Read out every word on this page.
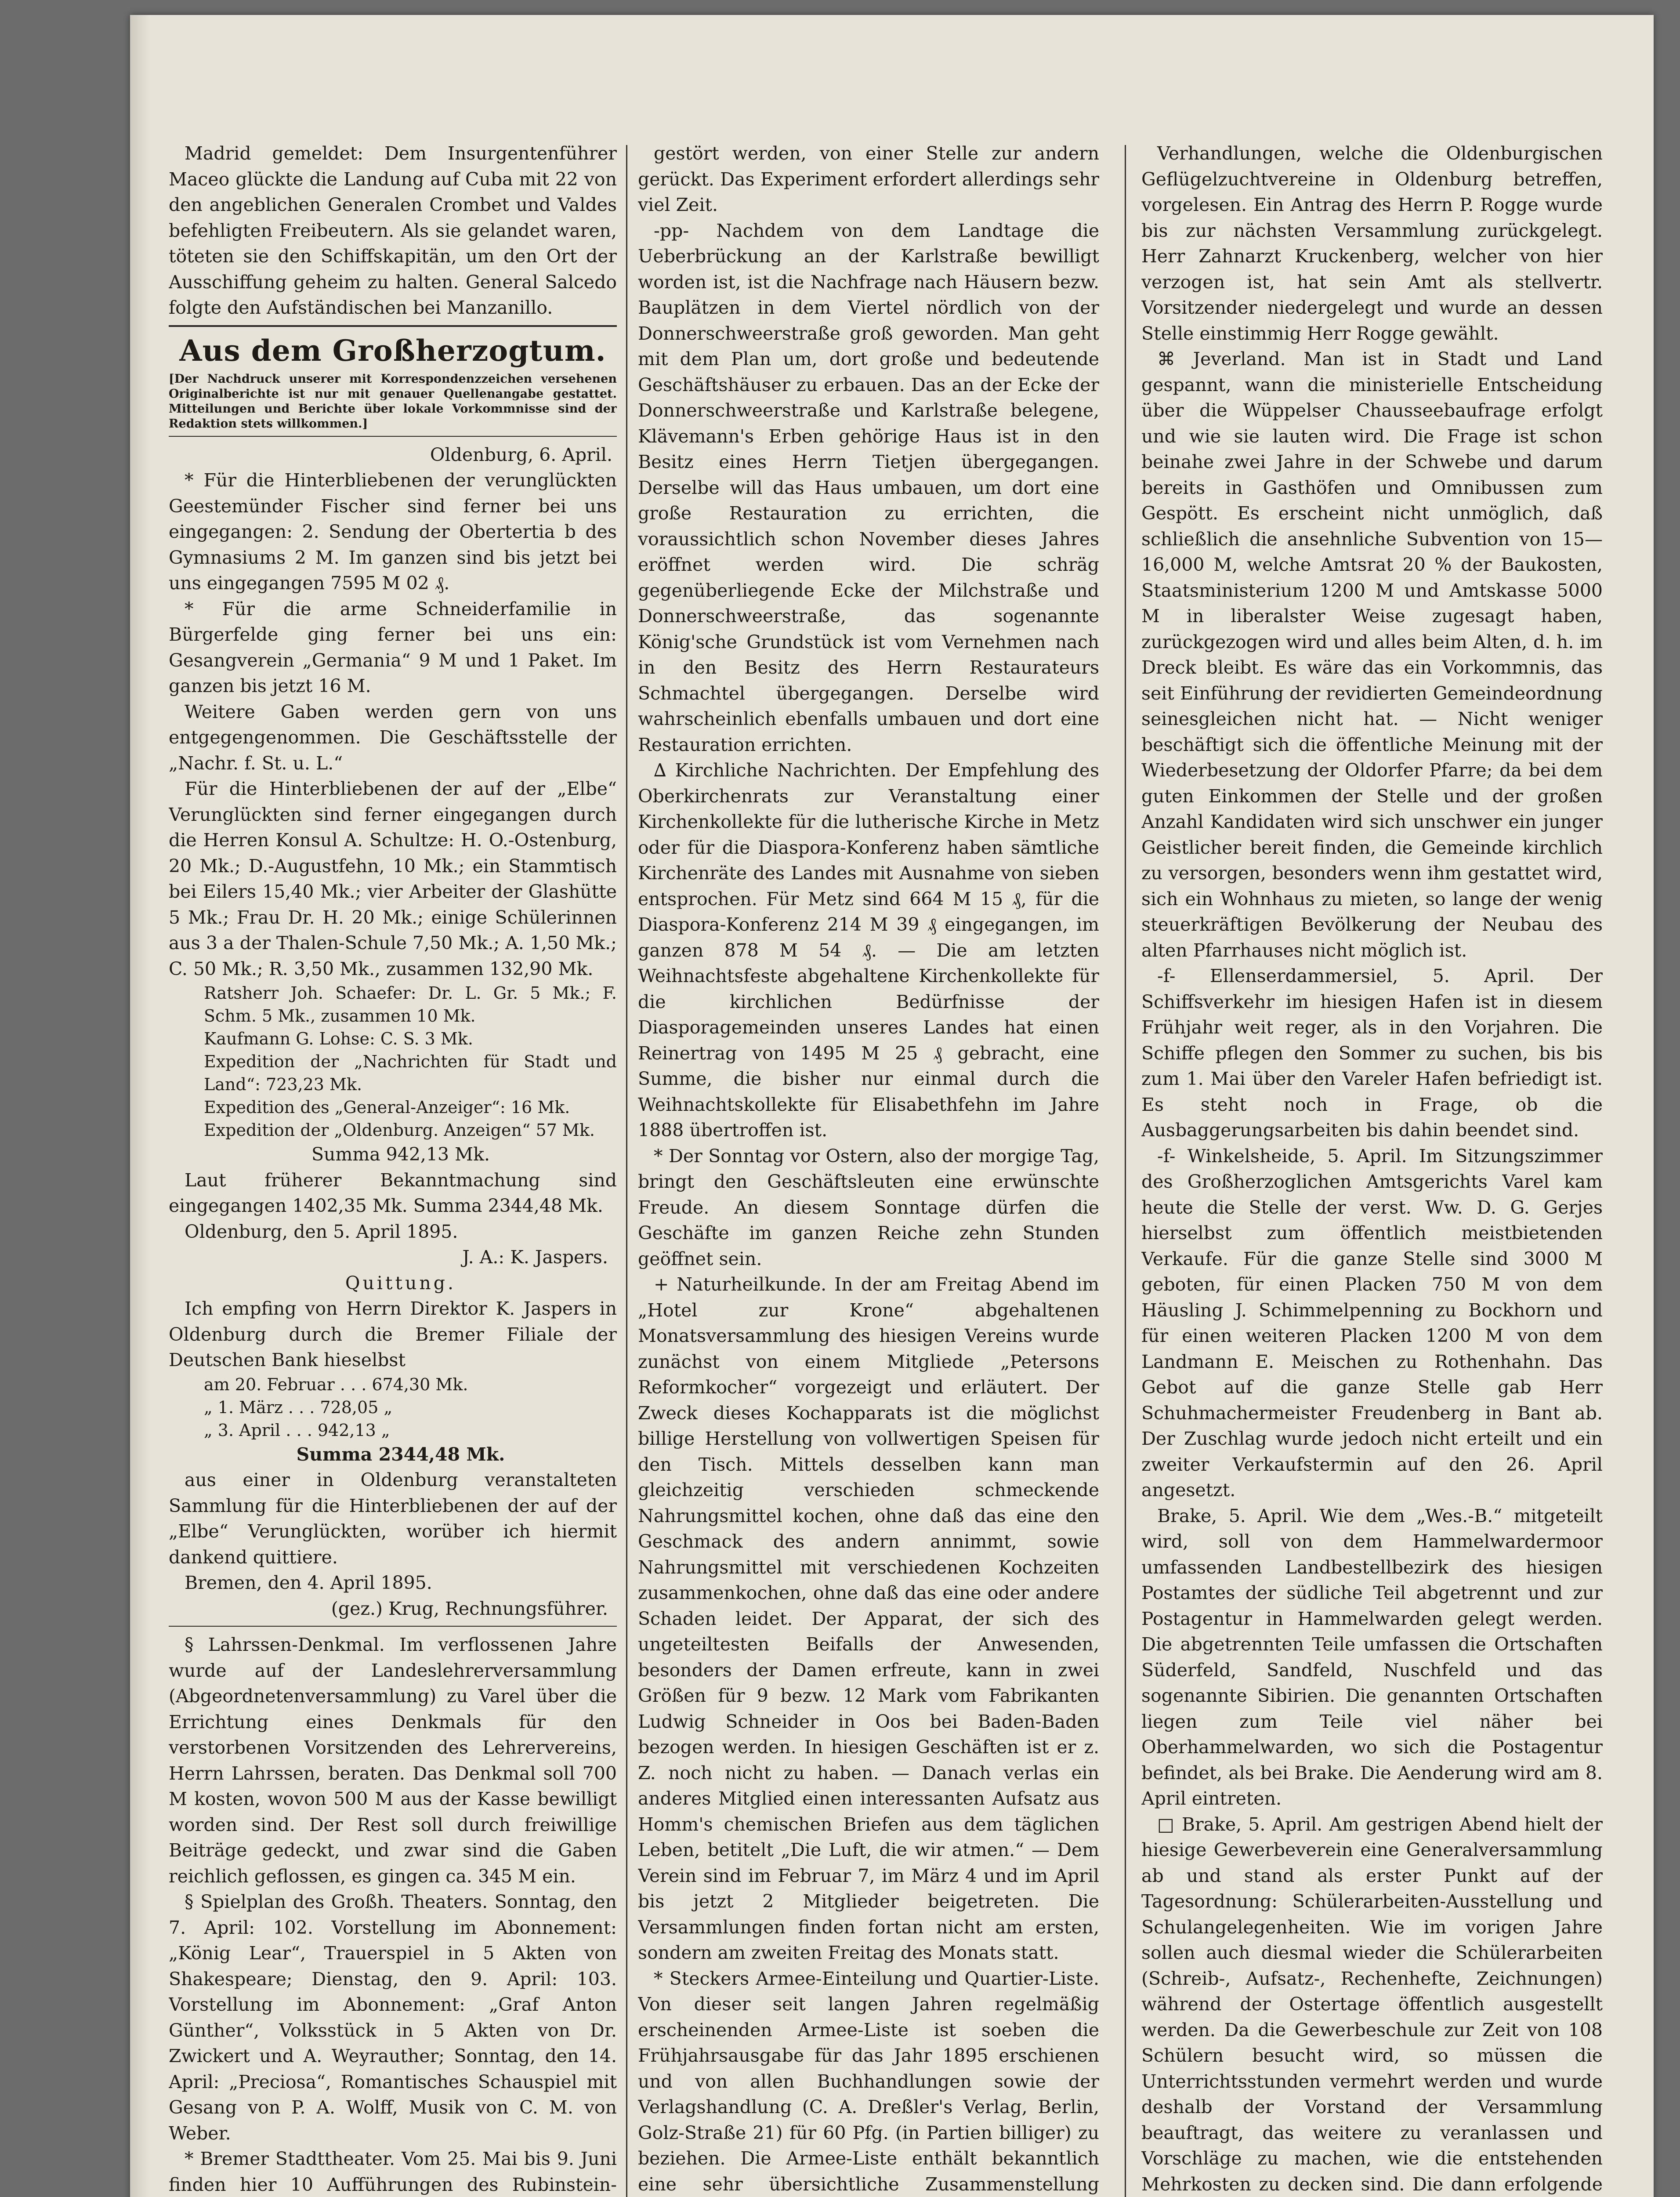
Madrid gemeldet: Dem Insurgentenführer Maceo glückte die Landung auf Cuba mit 22 von den angeblichen Generalen Crombet und Valdes befehligten Freibeutern. Als sie gelandet waren, töteten sie den Schiffskapitän, um den Ort der Ausschiffung geheim zu halten. General Salcedo folgte den Aufständischen bei Manzanillo.

Aus dem Großherzogtum.
[Der Nachdruck unserer mit Korrespondenzzeichen versehenen Originalberichte ist nur mit genauer Quellenangabe gestattet. Mitteilungen und Berichte über lokale Vorkommnisse sind der Redaktion stets willkommen.]

Oldenburg, 6. April.

* Für die Hinterbliebenen der verunglückten Geestemünder Fischer sind ferner bei uns eingegangen: 2. Sendung der Obertertia b des Gymnasiums 2 M. Im ganzen sind bis jetzt bei uns eingegangen 7595 M 02 ₰.

* Für die arme Schneiderfamilie in Bürgerfelde ging ferner bei uns ein: Gesangverein „Germania“ 9 M und 1 Paket. Im ganzen bis jetzt 16 M.

Weitere Gaben werden gern von uns entgegengenommen. Die Geschäftsstelle der „Nachr. f. St. u. L.“

Für die Hinterbliebenen der auf der „Elbe“ Verunglückten sind ferner eingegangen durch die Herren Konsul A. Schultze: H. O.-Ostenburg, 20 Mk.; D.-Augustfehn, 10 Mk.; ein Stammtisch bei Eilers 15,40 Mk.; vier Arbeiter der Glashütte 5 Mk.; Frau Dr. H. 20 Mk.; einige Schülerinnen aus 3 a der Thalen-Schule 7,50 Mk.; A. 1,50 Mk.; C. 50 Mk.; R. 3,50 Mk., zusammen 132,90 Mk.

Ratsherr Joh. Schaefer: Dr. L. Gr. 5 Mk.; F. Schm. 5 Mk., zusammen 10 Mk.

Kaufmann G. Lohse: C. S. 3 Mk.

Expedition der „Nachrichten für Stadt und Land“: 723,23 Mk.

Expedition des „General-Anzeiger“: 16 Mk.

Expedition der „Oldenburg. Anzeigen“ 57 Mk.

Summa 942,13 Mk.

Laut früherer Bekanntmachung sind eingegangen 1402,35 Mk. Summa 2344,48 Mk.

Oldenburg, den 5. April 1895.

J. A.: K. Jaspers.

Quittung.

Ich empfing von Herrn Direktor K. Jaspers in Oldenburg durch die Bremer Filiale der Deutschen Bank hieselbst

am 20. Februar . . . 674,30 Mk.

„ 1. März . . . 728,05 „

„ 3. April . . . 942,13 „

Summa 2344,48 Mk.

aus einer in Oldenburg veranstalteten Sammlung für die Hinterbliebenen der auf der „Elbe“ Verunglückten, worüber ich hiermit dankend quittiere.

Bremen, den 4. April 1895.

(gez.) Krug, Rechnungsführer.

§ Lahrssen-Denkmal. Im verflossenen Jahre wurde auf der Landeslehrerversammlung (Abgeordnetenversammlung) zu Varel über die Errichtung eines Denkmals für den verstorbenen Vorsitzenden des Lehrervereins, Herrn Lahrssen, beraten. Das Denkmal soll 700 M kosten, wovon 500 M aus der Kasse bewilligt worden sind. Der Rest soll durch freiwillige Beiträge gedeckt, und zwar sind die Gaben reichlich geflossen, es gingen ca. 345 M ein.

§ Spielplan des Großh. Theaters. Sonntag, den 7. April: 102. Vorstellung im Abonnement: „König Lear“, Trauerspiel in 5 Akten von Shakespeare; Dienstag, den 9. April: 103. Vorstellung im Abonnement: „Graf Anton Günther“, Volksstück in 5 Akten von Dr. Zwickert und A. Weyrauther; Sonntag, den 14. April: „Preciosa“, Romantisches Schauspiel mit Gesang von P. A. Wolff, Musik von C. M. von Weber.

* Bremer Stadttheater. Vom 25. Mai bis 9. Juni finden hier 10 Aufführungen des Rubinstein-

gestört werden, von einer Stelle zur andern gerückt. Das Experiment erfordert allerdings sehr viel Zeit.

-pp- Nachdem von dem Landtage die Ueberbrückung an der Karlstraße bewilligt worden ist, ist die Nachfrage nach Häusern bezw. Bauplätzen in dem Viertel nördlich von der Donnerschweerstraße groß geworden. Man geht mit dem Plan um, dort große und bedeutende Geschäftshäuser zu erbauen. Das an der Ecke der Donnerschweerstraße und Karlstraße belegene, Klävemann's Erben gehörige Haus ist in den Besitz eines Herrn Tietjen übergegangen. Derselbe will das Haus umbauen, um dort eine große Restauration zu errichten, die voraussichtlich schon November dieses Jahres eröffnet werden wird. Die schräg gegenüberliegende Ecke der Milchstraße und Donnerschweerstraße, das sogenannte König'sche Grundstück ist vom Vernehmen nach in den Besitz des Herrn Restaurateurs Schmachtel übergegangen. Derselbe wird wahrscheinlich ebenfalls umbauen und dort eine Restauration errichten.

∆ Kirchliche Nachrichten. Der Empfehlung des Oberkirchenrats zur Veranstaltung einer Kirchenkollekte für die lutherische Kirche in Metz oder für die Diaspora-Konferenz haben sämtliche Kirchenräte des Landes mit Ausnahme von sieben entsprochen. Für Metz sind 664 M 15 ₰, für die Diaspora-Konferenz 214 M 39 ₰ eingegangen, im ganzen 878 M 54 ₰. — Die am letzten Weihnachtsfeste abgehaltene Kirchenkollekte für die kirchlichen Bedürfnisse der Diasporagemeinden unseres Landes hat einen Reinertrag von 1495 M 25 ₰ gebracht, eine Summe, die bisher nur einmal durch die Weihnachtskollekte für Elisabethfehn im Jahre 1888 übertroffen ist.

* Der Sonntag vor Ostern, also der morgige Tag, bringt den Geschäftsleuten eine erwünschte Freude. An diesem Sonntage dürfen die Geschäfte im ganzen Reiche zehn Stunden geöffnet sein.

+ Naturheilkunde. In der am Freitag Abend im „Hotel zur Krone“ abgehaltenen Monatsversammlung des hiesigen Vereins wurde zunächst von einem Mitgliede „Petersons Reformkocher“ vorgezeigt und erläutert. Der Zweck dieses Kochapparats ist die möglichst billige Herstellung von vollwertigen Speisen für den Tisch. Mittels desselben kann man gleichzeitig verschieden schmeckende Nahrungsmittel kochen, ohne daß das eine den Geschmack des andern annimmt, sowie Nahrungsmittel mit verschiedenen Kochzeiten zusammenkochen, ohne daß das eine oder andere Schaden leidet. Der Apparat, der sich des ungeteiltesten Beifalls der Anwesenden, besonders der Damen erfreute, kann in zwei Größen für 9 bezw. 12 Mark vom Fabrikanten Ludwig Schneider in Oos bei Baden-Baden bezogen werden. In hiesigen Geschäften ist er z. Z. noch nicht zu haben. — Danach verlas ein anderes Mitglied einen interessanten Aufsatz aus Homm's chemischen Briefen aus dem täglichen Leben, betitelt „Die Luft, die wir atmen.“ — Dem Verein sind im Februar 7, im März 4 und im April bis jetzt 2 Mitglieder beigetreten. Die Versammlungen finden fortan nicht am ersten, sondern am zweiten Freitag des Monats statt.

* Steckers Armee-Einteilung und Quartier-Liste. Von dieser seit langen Jahren regelmäßig erscheinenden Armee-Liste ist soeben die Frühjahrsausgabe für das Jahr 1895 erschienen und von allen Buchhandlungen sowie der Verlagshandlung (C. A. Dreßler's Verlag, Berlin, Golz-Straße 21) für 60 Pfg. (in Partien billiger) zu beziehen. Die Armee-Liste enthält bekanntlich eine sehr übersichtliche Zusammenstellung

Verhandlungen, welche die Oldenburgischen Geflügelzuchtvereine in Oldenburg betreffen, vorgelesen. Ein Antrag des Herrn P. Rogge wurde bis zur nächsten Versammlung zurückgelegt. Herr Zahnarzt Kruckenberg, welcher von hier verzogen ist, hat sein Amt als stellvertr. Vorsitzender niedergelegt und wurde an dessen Stelle einstimmig Herr Rogge gewählt.

⌘ Jeverland. Man ist in Stadt und Land gespannt, wann die ministerielle Entscheidung über die Wüppelser Chausseebaufrage erfolgt und wie sie lauten wird. Die Frage ist schon beinahe zwei Jahre in der Schwebe und darum bereits in Gasthöfen und Omnibussen zum Gespött. Es erscheint nicht unmöglich, daß schließlich die ansehnliche Subvention von 15—16,000 M, welche Amtsrat 20 % der Baukosten, Staatsministerium 1200 M und Amtskasse 5000 M in liberalster Weise zugesagt haben, zurückgezogen wird und alles beim Alten, d. h. im Dreck bleibt. Es wäre das ein Vorkommnis, das seit Einführung der revidierten Gemeindeordnung seinesgleichen nicht hat. — Nicht weniger beschäftigt sich die öffentliche Meinung mit der Wiederbesetzung der Oldorfer Pfarre; da bei dem guten Einkommen der Stelle und der großen Anzahl Kandidaten wird sich unschwer ein junger Geistlicher bereit finden, die Gemeinde kirchlich zu versorgen, besonders wenn ihm gestattet wird, sich ein Wohnhaus zu mieten, so lange der wenig steuerkräftigen Bevölkerung der Neubau des alten Pfarrhauses nicht möglich ist.

-f- Ellenserdammersiel, 5. April. Der Schiffsverkehr im hiesigen Hafen ist in diesem Frühjahr weit reger, als in den Vorjahren. Die Schiffe pflegen den Sommer zu suchen, bis bis zum 1. Mai über den Vareler Hafen befriedigt ist. Es steht noch in Frage, ob die Ausbaggerungsarbeiten bis dahin beendet sind.

-f- Winkelsheide, 5. April. Im Sitzungszimmer des Großherzoglichen Amtsgerichts Varel kam heute die Stelle der verst. Ww. D. G. Gerjes hierselbst zum öffentlich meistbietenden Verkaufe. Für die ganze Stelle sind 3000 M geboten, für einen Placken 750 M von dem Häusling J. Schimmelpenning zu Bockhorn und für einen weiteren Placken 1200 M von dem Landmann E. Meischen zu Rothenhahn. Das Gebot auf die ganze Stelle gab Herr Schuhmachermeister Freudenberg in Bant ab. Der Zuschlag wurde jedoch nicht erteilt und ein zweiter Verkaufstermin auf den 26. April angesetzt.

Brake, 5. April. Wie dem „Wes.-B.“ mitgeteilt wird, soll von dem Hammelwardermoor umfassenden Landbestellbezirk des hiesigen Postamtes der südliche Teil abgetrennt und zur Postagentur in Hammelwarden gelegt werden. Die abgetrennten Teile umfassen die Ortschaften Süderfeld, Sandfeld, Nuschfeld und das sogenannte Sibirien. Die genannten Ortschaften liegen zum Teile viel näher bei Oberhammelwarden, wo sich die Postagentur befindet, als bei Brake. Die Aenderung wird am 8. April eintreten.

□ Brake, 5. April. Am gestrigen Abend hielt der hiesige Gewerbeverein eine Generalversammlung ab und stand als erster Punkt auf der Tagesordnung: Schülerarbeiten-Ausstellung und Schulangelegenheiten. Wie im vorigen Jahre sollen auch diesmal wieder die Schülerarbeiten (Schreib-, Aufsatz-, Rechenhefte, Zeichnungen) während der Ostertage öffentlich ausgestellt werden. Da die Gewerbeschule zur Zeit von 108 Schülern besucht wird, so müssen die Unterrichtsstunden vermehrt werden und wurde deshalb der Vorstand der Versammlung beauftragt, das weitere zu veranlassen und Vorschläge zu machen, wie die entstehenden Mehrkosten zu decken sind. Die dann erfolgende
